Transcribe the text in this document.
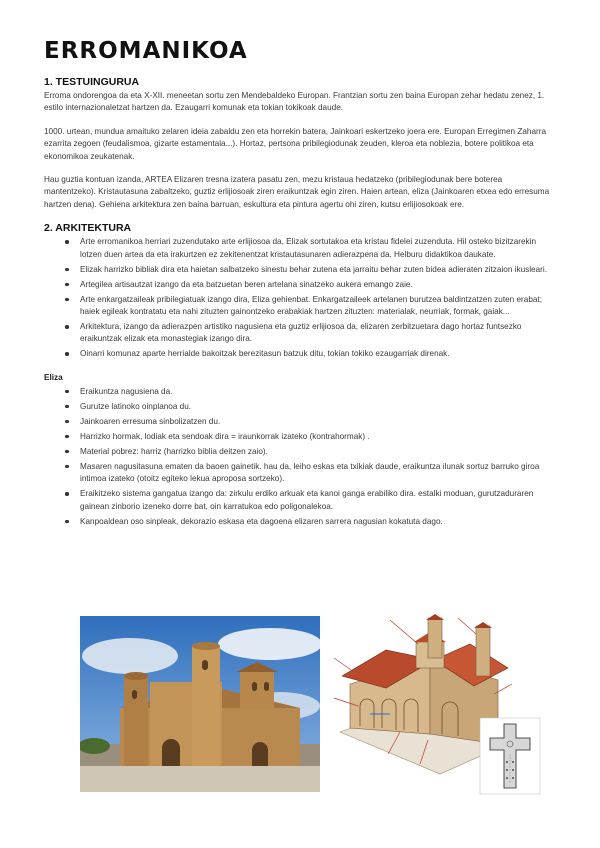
ERROMANIKOA
1. TESTUINGURUA

Erroma ondorengoa da eta X-XII. meneetan sortu zen Mendebaldeko Europan. Frantzian sortu zen baina Europan zehar hedatu zenez, 1. estilo internazionaletzat hartzen da. Ezaugarri komunak eta tokian tokikoak daude.

1000. urtean, mundua amaituko zelaren ideia zabaldu zen eta horrekin batera, Jainkoari eskertzeko joera ere. Europan Erregimen Zaharra ezarrita zegoen (feudalismoa, gizarte estamentala...). Hortaz, pertsona pribilegiodunak zeuden, kleroa eta noblezia, botere politikoa eta ekonomikoa zeukatenak.

Hau guztia kontuan izanda, ARTEA Elizaren tresna izatera pasatu zen, mezu kristaua hedatzeko (pribilegiodunak bere boterea mantentzeko). Kristautasuna zabaltzeko, guztiz erlijiosoak ziren eraikuntzak egin ziren. Haien artean, eliza (Jainkoaren etxea edo erresuma hartzen dena). Gehiena arkitektura zen baina barruan, eskultura eta pintura agertu ohi ziren, kutsu erlijiosokoak ere.

2. ARKITEKTURA
Arte erromanikoa herriari zuzendutako arte erlijiosoa da, Elizak sortutakoa eta kristau fidelei zuzenduta. Hil osteko bizitzarekin lotzen duen artea da eta irakurtzen ez zekitenentzat kristautasunaren adierazpena da. Helburu didaktikoa daukate.
Elizak harrizko bibliak dira eta haietan salbatzeko sinestu behar zutena eta jarraitu behar zuten bidea adieraten zitzaion ikusleari.
Artegilea artisautzat izango da eta batzuetan beren artelana sinatzeko aukera emango zaie.
Arte enkargatzaileak pribilegiatuak izango dira, Eliza gehienbat. Enkargatzaileek artelanen burutzea baldintzatzen zuten erabat; haiek egileak kontratatu eta nahi zituzten gainontzeko erabakiak hartzen zituzten: materialak, neurriak, formak, gaiak...
Arkitektura, izango da adierazpen artistiko nagusiena eta guztiz erlijiosoa da, elizaren zerbitzuetara dago hortaz funtsezko eraikuntzak elizak eta monastegiak izango dira.
Oinarri komunaz aparte herrialde bakoitzak berezitasun batzuk ditu, tokian tokiko ezaugarriak direnak.
Eliza
Eraikuntza nagusiena da.
Gurutze latinoko oinplanoa du.
Jainkoaren erresuma sinbolizatzen du.
Harrizko hormak, lodiak eta sendoak dira = iraunkorrak izateko (kontrahormak) .
Material pobrez: harriz (harrizko biblia deitzen zaio).
Masaren nagusitasuna ematen da baoen gainetik. hau da, leiho eskas eta txikiak daude, eraikuntza ilunak sortuz barruko giroa intimoa izateko (otoitz egiteko lekua aproposa sortzeko).
Eraikitzeko sistema gangatua izango da: zirkulu erdiko arkuak eta kanoi ganga erabiliko dira. estalki moduan, gurutzaduraren gainean zinborio izeneko dorre bat, oin karratukoa edo poligonalekoa.
Kanpoaldean oso sinpleak, dekorazio eskasa eta dagoena elizaren sarrera nagusian kokatuta dago.
